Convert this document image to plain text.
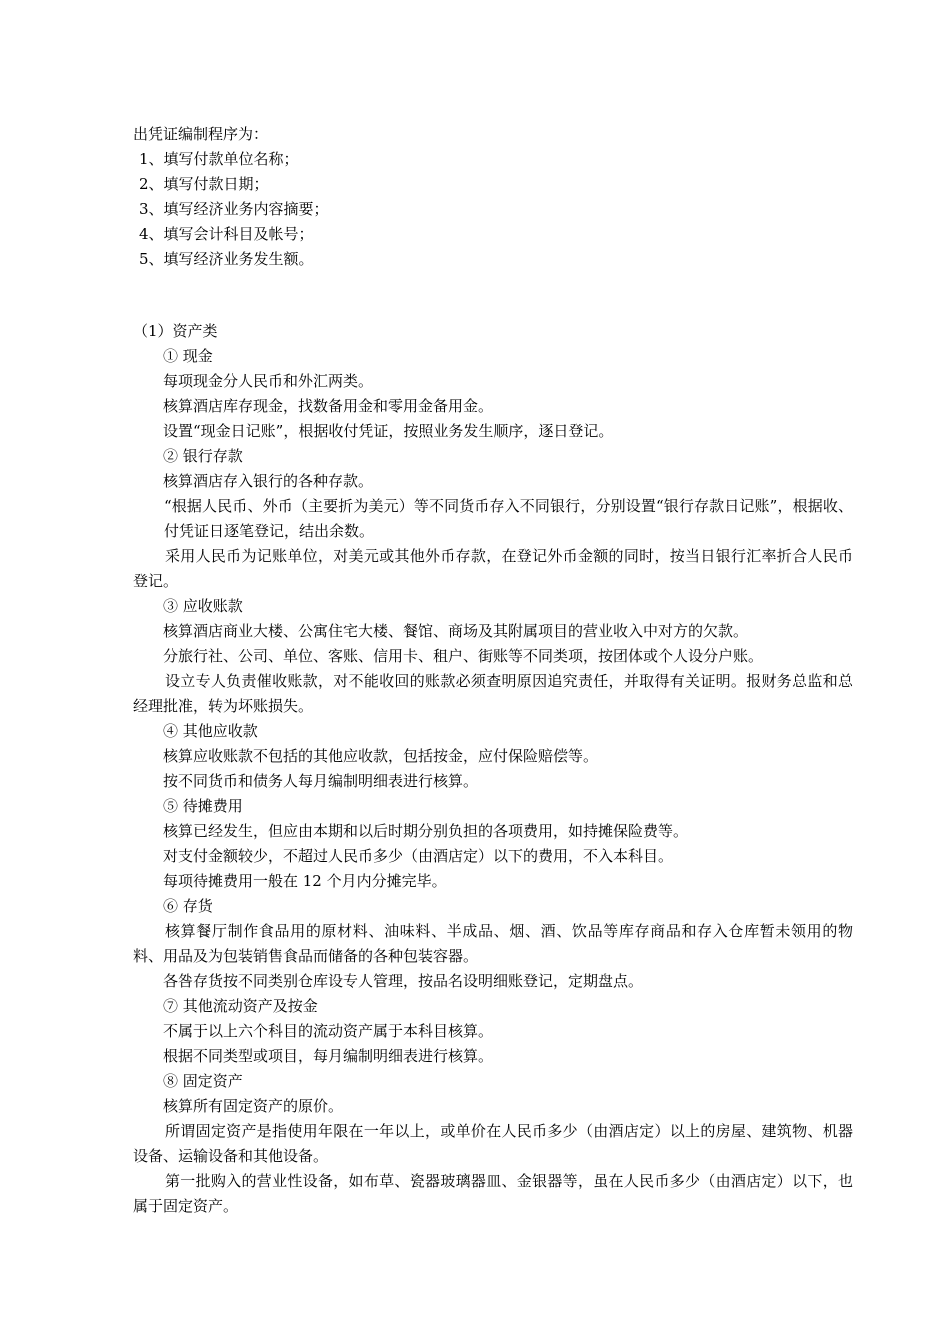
出凭证编制程序为：
1、填写付款单位名称；
2、填写付款日期；
3、填写经济业务内容摘要；
4、填写会计科目及帐号；
5、填写经济业务发生额。
（1）资产类
① 现金
每项现金分人民币和外汇两类。
核算酒店库存现金，找数备用金和零用金备用金。
设置“现金日记账”，根据收付凭证，按照业务发生顺序，逐日登记。
② 银行存款
核算酒店存入银行的各种存款。
“根据人民币、外币（主要折为美元）等不同货币存入不同银行，分别设置“银行存款日记账”，根据收、付凭证日逐笔登记，结出余数。
采用人民币为记账单位，对美元或其他外币存款，在登记外币金额的同时，按当日银行汇率折合人民币登记。
③ 应收账款
核算酒店商业大楼、公寓住宅大楼、餐馆、商场及其附属项目的营业收入中对方的欠款。
分旅行社、公司、单位、客账、信用卡、租户、街账等不同类项，按团体或个人设分户账。
设立专人负责催收账款，对不能收回的账款必须查明原因追究责任，并取得有关证明。报财务总监和总经理批准，转为坏账损失。
④ 其他应收款
核算应收账款不包括的其他应收款，包括按金，应付保险赔偿等。
按不同货币和债务人每月编制明细表进行核算。
⑤ 待摊费用
核算已经发生，但应由本期和以后时期分别负担的各项费用，如持摊保险费等。
对支付金额较少，不超过人民币多少（由酒店定）以下的费用，不入本科目。
每项待摊费用一般在 12 个月内分摊完毕。
⑥ 存货
核算餐厅制作食品用的原材料、油味料、半成品、烟、酒、饮品等库存商品和存入仓库暂未领用的物料、用品及为包装销售食品而储备的各种包装容器。
各咎存货按不同类别仓库设专人管理，按品名设明细账登记，定期盘点。
⑦ 其他流动资产及按金
不属于以上六个科目的流动资产属于本科目核算。
根据不同类型或项目，每月编制明细表进行核算。
⑧ 固定资产
核算所有固定资产的原价。
所谓固定资产是指使用年限在一年以上，或单价在人民币多少（由酒店定）以上的房屋、建筑物、机器设备、运输设备和其他设备。
第一批购入的营业性设备，如布草、瓷器玻璃器皿、金银器等，虽在人民币多少（由酒店定）以下，也属于固定资产。
